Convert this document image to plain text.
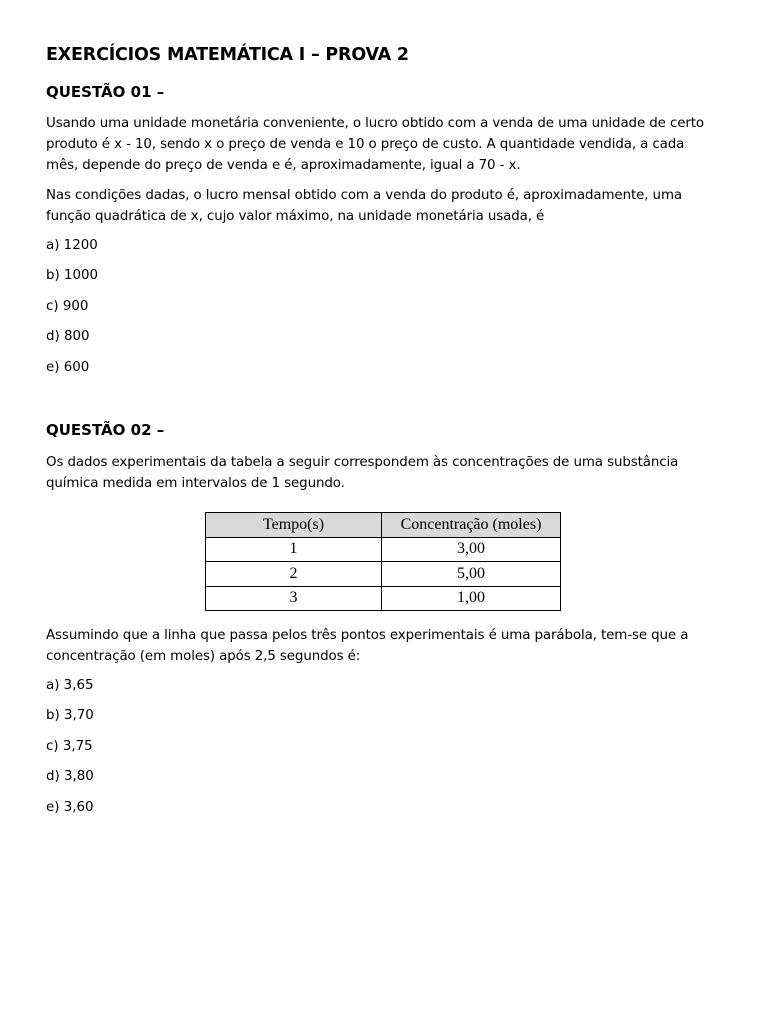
EXERCÍCIOS MATEMÁTICA I – PROVA 2
QUESTÃO 01 –
Usando uma unidade monetária conveniente, o lucro obtido com a venda de uma unidade de certo produto é x - 10, sendo x o preço de venda e 10 o preço de custo. A quantidade vendida, a cada mês, depende do preço de venda e é, aproximadamente, igual a 70 - x.
Nas condições dadas, o lucro mensal obtido com a venda do produto é, aproximadamente, uma função quadrática de x, cujo valor máximo, na unidade monetária usada, é
a) 1200
b) 1000
c) 900
d) 800
e) 600
QUESTÃO 02 –
Os dados experimentais da tabela a seguir correspondem às concentrações de uma substância química medida em intervalos de 1 segundo.
Tempo(s)	Concentração (moles)
1	3,00
2	5,00
3	1,00
Assumindo que a linha que passa pelos três pontos experimentais é uma parábola, tem-se que a concentração (em moles) após 2,5 segundos é:
a) 3,65
b) 3,70
c) 3,75
d) 3,80
e) 3,60
